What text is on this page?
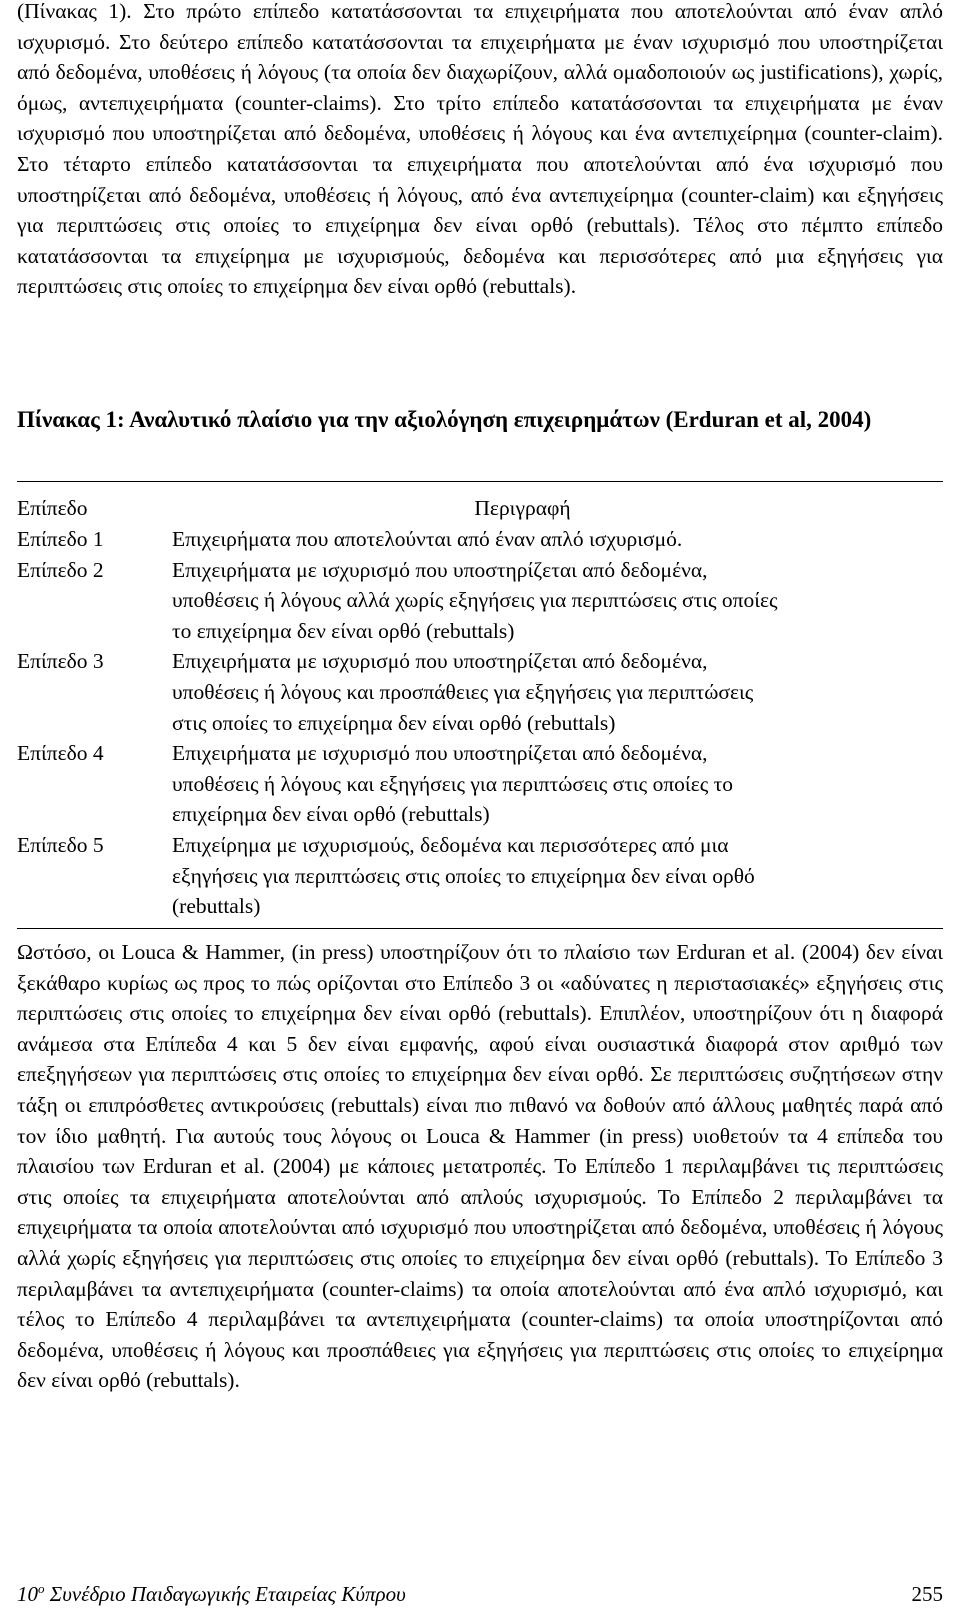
(Πίνακας 1). Στο πρώτο επίπεδο κατατάσσονται τα επιχειρήματα που αποτελούνται από έναν απλό ισχυρισμό. Στο δεύτερο επίπεδο κατατάσσονται τα επιχειρήματα με έναν ισχυρισμό που υποστηρίζεται από δεδομένα, υποθέσεις ή λόγους (τα οποία δεν διαχωρίζουν, αλλά ομαδοποιούν ως justifications), χωρίς, όμως, αντεπιχειρήματα (counter-claims). Στο τρίτο επίπεδο κατατάσσονται τα επιχειρήματα με έναν ισχυρισμό που υποστηρίζεται από δεδομένα, υποθέσεις ή λόγους και ένα αντεπιχείρημα (counter-claim). Στο τέταρτο επίπεδο κατατάσσονται τα επιχειρήματα που αποτελούνται από ένα ισχυρισμό που υποστηρίζεται από δεδομένα, υποθέσεις ή λόγους, από ένα αντεπιχείρημα (counter-claim) και εξηγήσεις για περιπτώσεις στις οποίες το επιχείρημα δεν είναι ορθό (rebuttals). Τέλος στο πέμπτο επίπεδο κατατάσσονται τα επιχείρημα με ισχυρισμούς, δεδομένα και περισσότερες από μια εξηγήσεις για περιπτώσεις στις οποίες το επιχείρημα δεν είναι ορθό (rebuttals).

Πίνακας 1: Αναλυτικό πλαίσιο για την αξιολόγηση επιχειρημάτων (Erduran et al, 2004)

Επίπεδο	Περιγραφή
Επίπεδο 1	Επιχειρήματα που αποτελούνται από έναν απλό ισχυρισμό.
Επίπεδο 2	Επιχειρήματα με ισχυρισμό που υποστηρίζεται από δεδομένα,
υποθέσεις ή λόγους αλλά χωρίς εξηγήσεις για περιπτώσεις στις οποίες
το επιχείρημα δεν είναι ορθό (rebuttals)
Επίπεδο 3	Επιχειρήματα με ισχυρισμό που υποστηρίζεται από δεδομένα,
υποθέσεις ή λόγους και προσπάθειες για εξηγήσεις για περιπτώσεις
στις οποίες το επιχείρημα δεν είναι ορθό (rebuttals)
Επίπεδο 4	Επιχειρήματα με ισχυρισμό που υποστηρίζεται από δεδομένα,
υποθέσεις ή λόγους και εξηγήσεις για περιπτώσεις στις οποίες το
επιχείρημα δεν είναι ορθό (rebuttals)
Επίπεδο 5	Επιχείρημα με ισχυρισμούς, δεδομένα και περισσότερες από μια
εξηγήσεις για περιπτώσεις στις οποίες το επιχείρημα δεν είναι ορθό
(rebuttals)

Ωστόσο, οι Louca & Hammer, (in press) υποστηρίζουν ότι το πλαίσιο των Erduran et al. (2004) δεν είναι ξεκάθαρο κυρίως ως προς το πώς ορίζονται στο Επίπεδο 3 οι «αδύνατες η περιστασιακές» εξηγήσεις στις περιπτώσεις στις οποίες το επιχείρημα δεν είναι ορθό (rebuttals). Επιπλέον, υποστηρίζουν ότι η διαφορά ανάμεσα στα Επίπεδα 4 και 5 δεν είναι εμφανής, αφού είναι ουσιαστικά διαφορά στον αριθμό των επεξηγήσεων για περιπτώσεις στις οποίες το επιχείρημα δεν είναι ορθό. Σε περιπτώσεις συζητήσεων στην τάξη οι επιπρόσθετες αντικρούσεις (rebuttals) είναι πιο πιθανό να δοθούν από άλλους μαθητές παρά από τον ίδιο μαθητή. Για αυτούς τους λόγους οι Louca & Hammer (in press) υιοθετούν τα 4 επίπεδα του πλαισίου των Erduran et al. (2004) με κάποιες μετατροπές. Το Επίπεδο 1 περιλαμβάνει τις περιπτώσεις στις οποίες τα επιχειρήματα αποτελούνται από απλούς ισχυρισμούς. Το Επίπεδο 2 περιλαμβάνει τα επιχειρήματα τα οποία αποτελούνται από ισχυρισμό που υποστηρίζεται από δεδομένα, υποθέσεις ή λόγους αλλά χωρίς εξηγήσεις για περιπτώσεις στις οποίες το επιχείρημα δεν είναι ορθό (rebuttals). Το Επίπεδο 3 περιλαμβάνει τα αντεπιχειρήματα (counter-claims) τα οποία αποτελούνται από ένα απλό ισχυρισμό, και τέλος το Επίπεδο 4 περιλαμβάνει τα αντεπιχειρήματα (counter-claims) τα οποία υποστηρίζονται από δεδομένα, υποθέσεις ή λόγους και προσπάθειες για εξηγήσεις για περιπτώσεις στις οποίες το επιχείρημα δεν είναι ορθό (rebuttals).

$10^o$ Συνέδριο Παιδαγωγικής Εταιρείας Κύπρου	255
